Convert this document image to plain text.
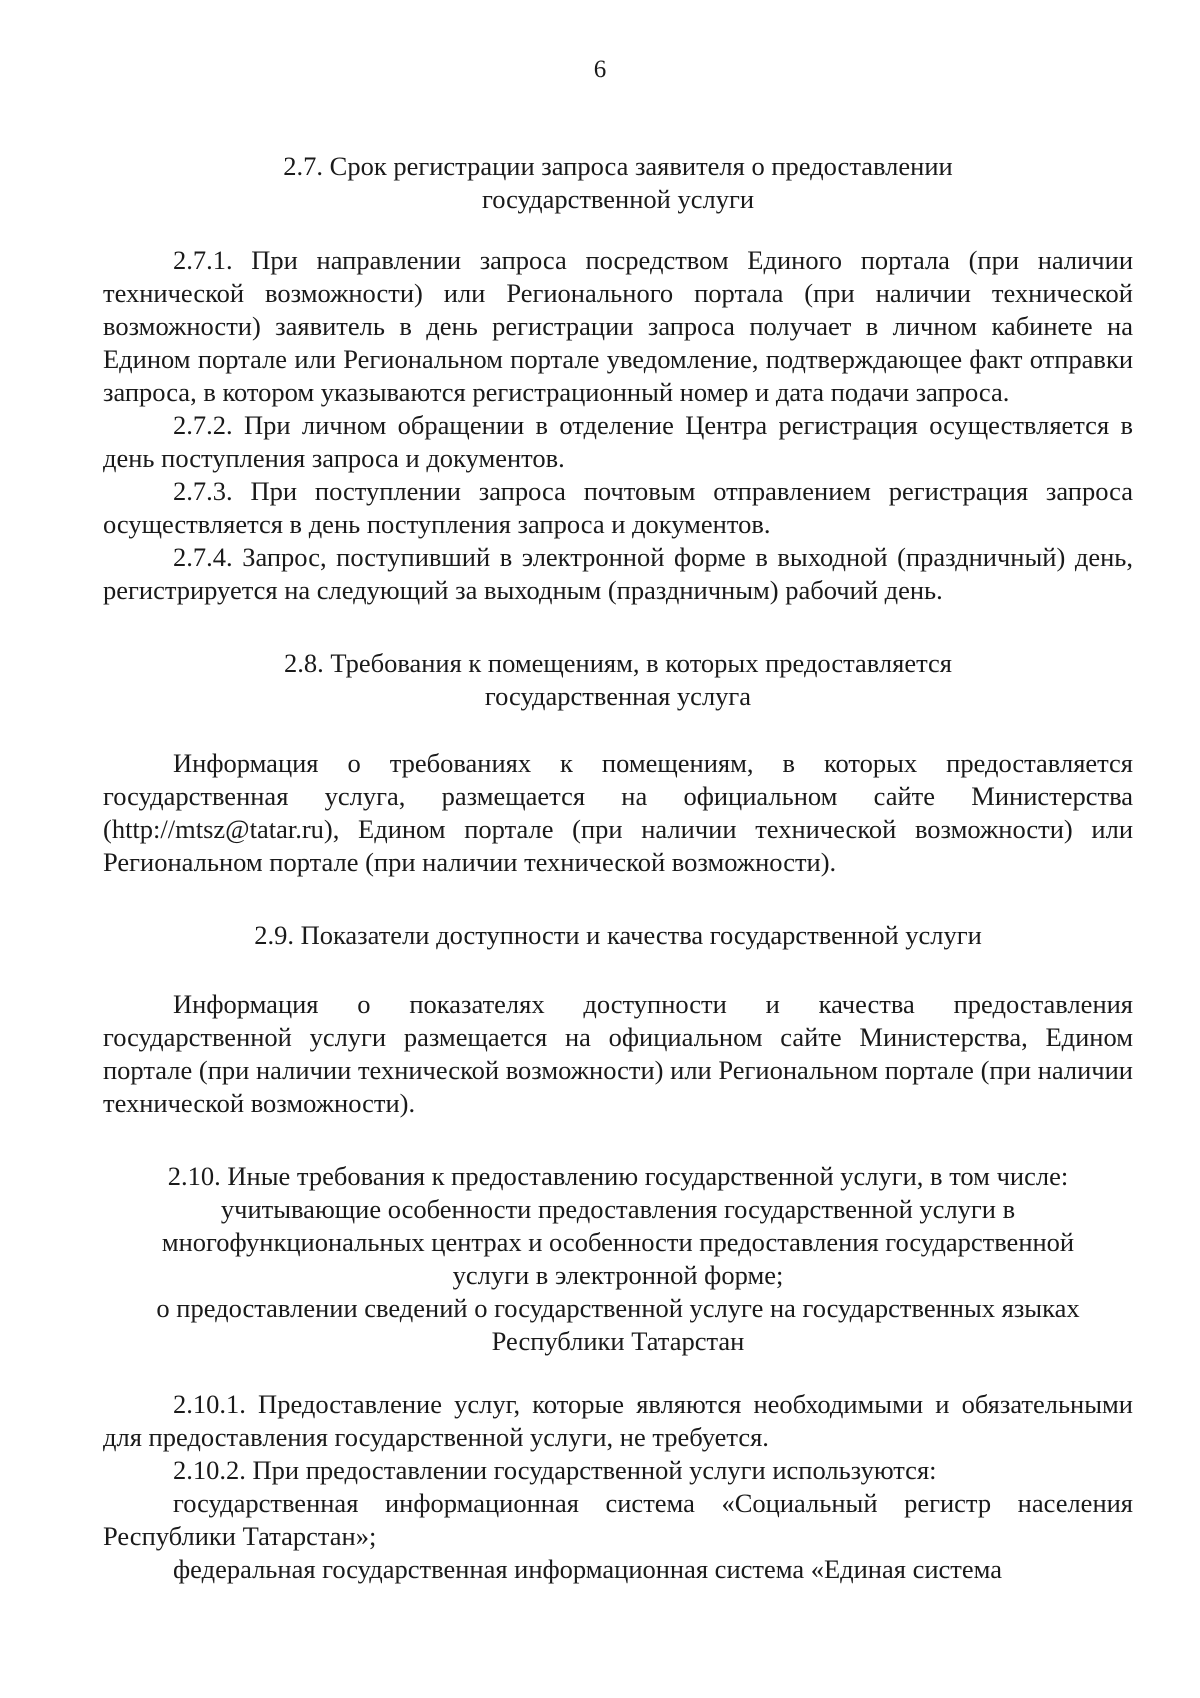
6
2.7. Срок регистрации запроса заявителя о предоставлении
государственной услуги

2.7.1. При направлении запроса посредством Единого портала (при наличии технической возможности) или Регионального портала (при наличии технической возможности) заявитель в день регистрации запроса получает в личном кабинете на Едином портале или Региональном портале уведомление, подтверждающее факт отправки запроса, в котором указываются регистрационный номер и дата подачи запроса.

2.7.2. При личном обращении в отделение Центра регистрация осуществляется в день поступления запроса и документов.

2.7.3. При поступлении запроса почтовым отправлением регистрация запроса осуществляется в день поступления запроса и документов.

2.7.4. Запрос, поступивший в электронной форме в выходной (праздничный) день, регистрируется на следующий за выходным (праздничным) рабочий день.

2.8. Требования к помещениям, в которых предоставляется
государственная услуга

Информация о требованиях к помещениям, в которых предоставляется государственная услуга, размещается на официальном сайте Министерства (http://mtsz@tatar.ru), Едином портале (при наличии технической возможности) или Региональном портале (при наличии технической возможности).

2.9. Показатели доступности и качества государственной услуги

Информация о показателях доступности и качества предоставления государственной услуги размещается на официальном сайте Министерства, Едином портале (при наличии технической возможности) или Региональном портале (при наличии технической возможности).

2.10. Иные требования к предоставлению государственной услуги, в том числе:
учитывающие особенности предоставления государственной услуги в
многофункциональных центрах и особенности предоставления государственной
услуги в электронной форме;
о предоставлении сведений о государственной услуге на государственных языках
Республики Татарстан

2.10.1. Предоставление услуг, которые являются необходимыми и обязательными для предоставления государственной услуги, не требуется.

2.10.2. При предоставлении государственной услуги используются:

государственная информационная система «Социальный регистр населения Республики Татарстан»;

федеральная государственная информационная система «Единая система
